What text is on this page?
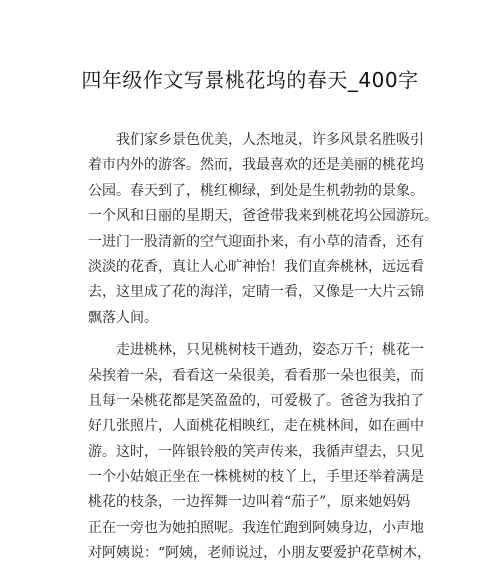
四年级作文写景桃花坞的春天_400字
　　我们家乡景色优美，人杰地灵，许多风景名胜吸引
着市内外的游客。然而，我最喜欢的还是美丽的桃花坞
公园。春天到了，桃红柳绿，到处是生机勃勃的景象。
一个风和日丽的星期天，爸爸带我来到桃花坞公园游玩。
一进门一股清新的空气迎面扑来，有小草的清香，还有
淡淡的花香，真让人心旷神怡！我们直奔桃林，远远看
去，这里成了花的海洋，定睛一看，又像是一大片云锦
飘落人间。
　　走进桃林，只见桃树枝干遒劲，姿态万千；桃花一
朵挨着一朵，看看这一朵很美，看看那一朵也很美，而
且每一朵桃花都是笑盈盈的，可爱极了。爸爸为我拍了
好几张照片，人面桃花相映红，走在桃林间，如在画中
游。这时，一阵银铃般的笑声传来，我循声望去，只见
一个小姑娘正坐在一株桃树的枝丫上，手里还举着满是
桃花的枝条，一边挥舞一边叫着“茄子”，原来她妈妈
正在一旁也为她拍照呢。我连忙跑到阿姨身边，小声地
对阿姨说：“阿姨，老师说过，小朋友要爱护花草树木，
